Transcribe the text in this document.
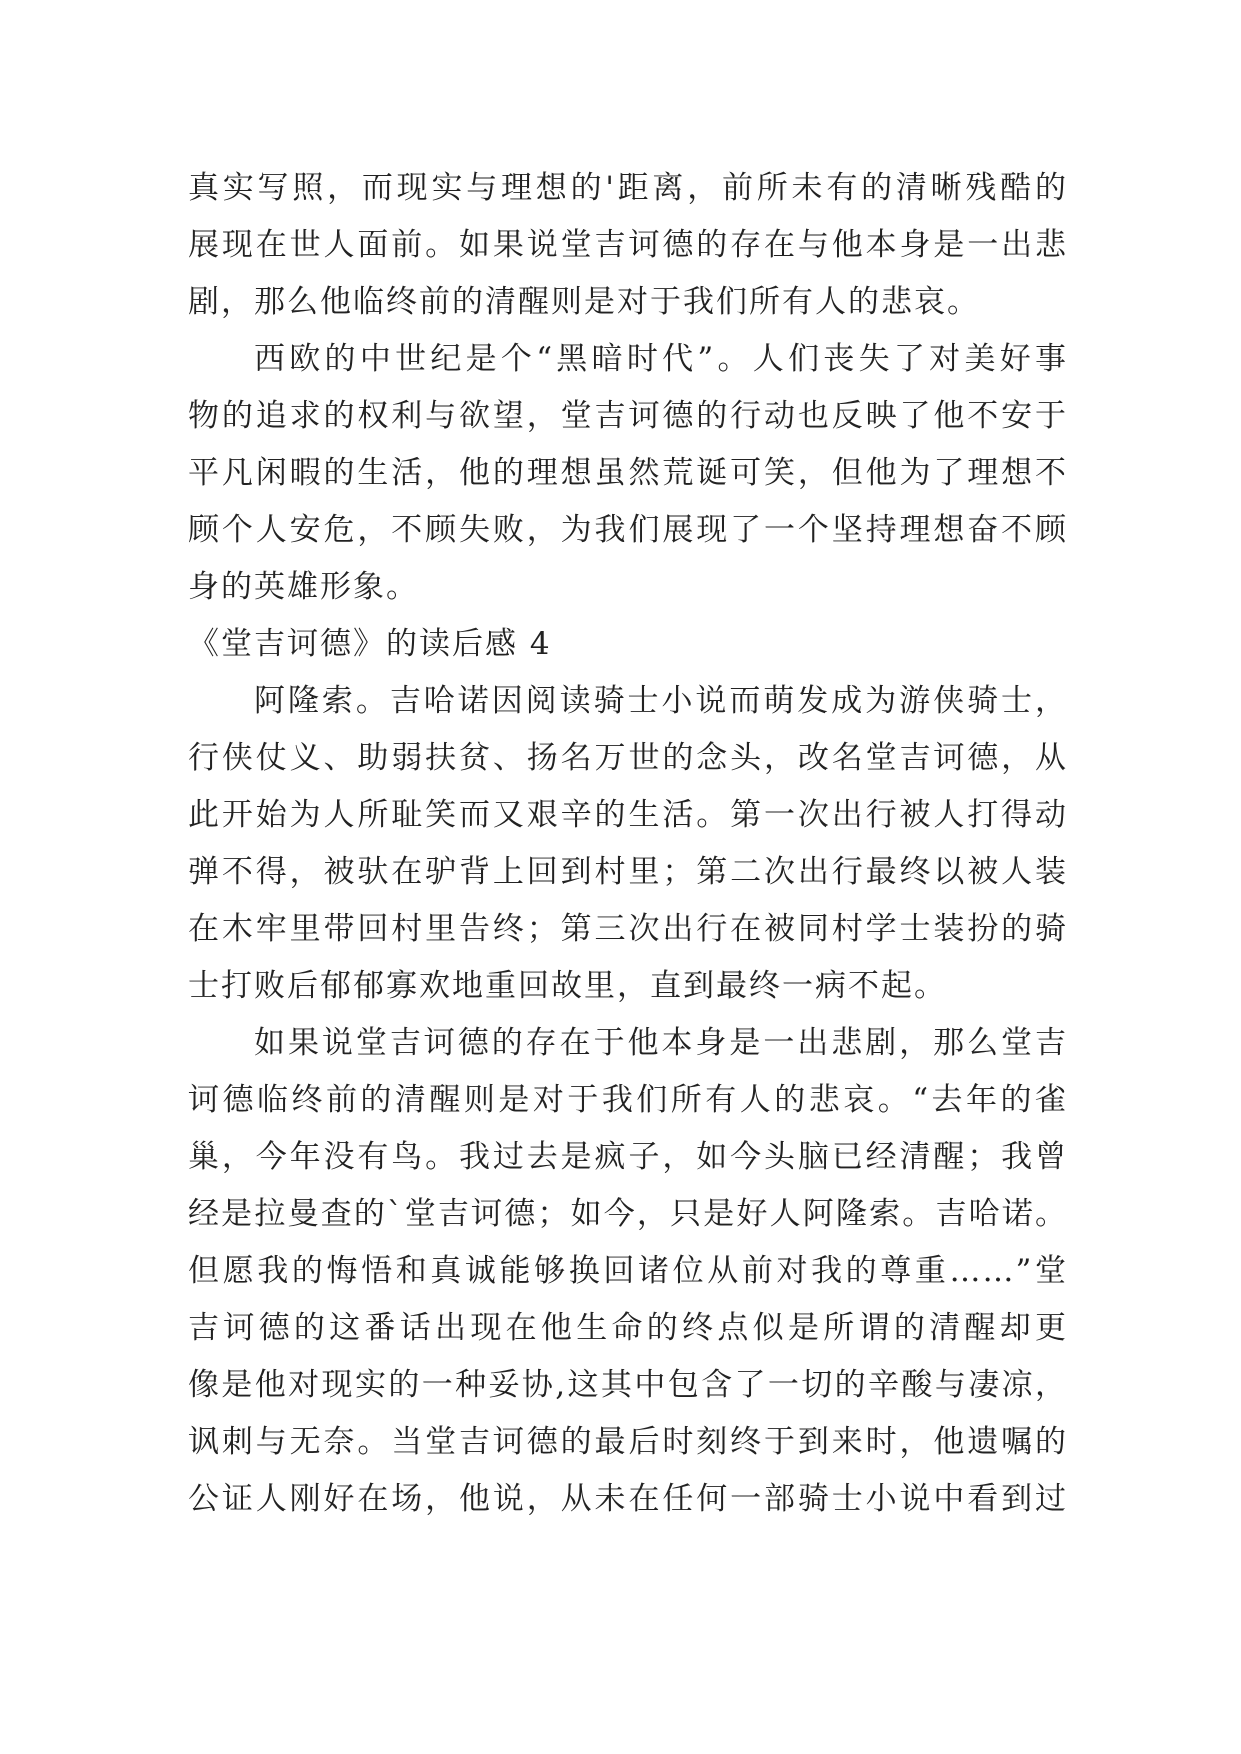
真实写照，而现实与理想的'距离，前所未有的清晰残酷的
展现在世人面前。如果说堂吉诃德的存在与他本身是一出悲
剧，那么他临终前的清醒则是对于我们所有人的悲哀。
西欧的中世纪是个“黑暗时代”。人们丧失了对美好事
物的追求的权利与欲望，堂吉诃德的行动也反映了他不安于
平凡闲暇的生活，他的理想虽然荒诞可笑，但他为了理想不
顾个人安危，不顾失败，为我们展现了一个坚持理想奋不顾
身的英雄形象。
《堂吉诃德》的读后感 4
阿隆索。吉哈诺因阅读骑士小说而萌发成为游侠骑士，
行侠仗义、助弱扶贫、扬名万世的念头，改名堂吉诃德，从
此开始为人所耻笑而又艰辛的生活。第一次出行被人打得动
弹不得，被驮在驴背上回到村里；第二次出行最终以被人装
在木牢里带回村里告终；第三次出行在被同村学士装扮的骑
士打败后郁郁寡欢地重回故里，直到最终一病不起。
如果说堂吉诃德的存在于他本身是一出悲剧，那么堂吉
诃德临终前的清醒则是对于我们所有人的悲哀。“去年的雀
巢，今年没有鸟。我过去是疯子，如今头脑已经清醒；我曾
经是拉曼查的`堂吉诃德；如今，只是好人阿隆索。吉哈诺。
但愿我的悔悟和真诚能够换回诸位从前对我的尊重……”堂
吉诃德的这番话出现在他生命的终点似是所谓的清醒却更
像是他对现实的一种妥协,这其中包含了一切的辛酸与凄凉，
讽刺与无奈。当堂吉诃德的最后时刻终于到来时，他遗嘱的
公证人刚好在场，他说，从未在任何一部骑士小说中看到过
